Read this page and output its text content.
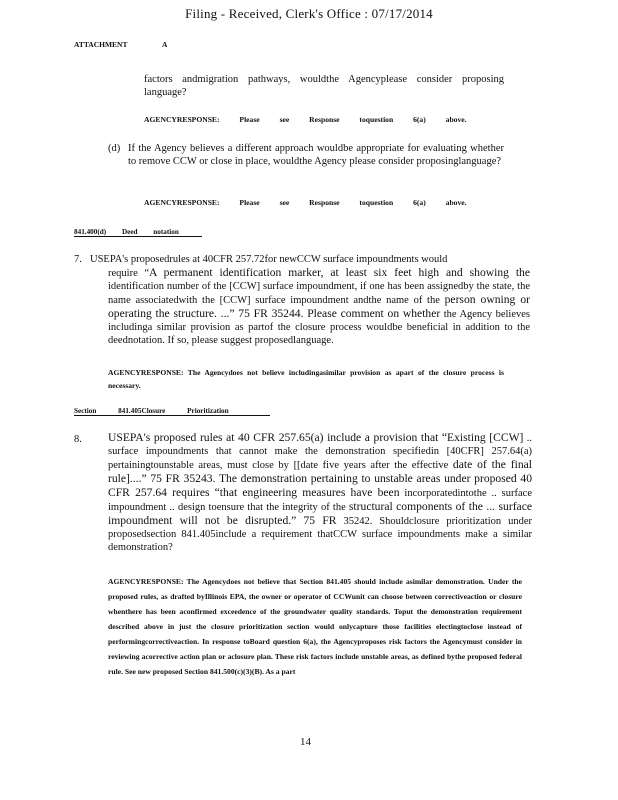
Filing - Received, Clerk's Office : 07/17/2014
ATTACHMENT	A
factors andmigration pathways, wouldthe Agencyplease consider proposing language?
AGENCYRESPONSE: Please see Response toquestion 6(a) above.
(d) If the Agency believes a different approach wouldbe appropriate for evaluating whether to remove CCW or close in place, wouldthe Agency please consider proposinglanguage?
AGENCYRESPONSE: Please see Response toquestion 6(a) above.
841.400(d) Deed notation
7. USEPA's proposedrules at 40CFR 257.72for newCCW surface impoundments would
require “A permanent identification marker, at least six feet high and showing the identification number of the [CCW] surface impoundment, if one has been assignedby the state, the name associatedwith the [CCW] surface impoundment andthe name of the person owning or operating the structure. ...” 75 FR 35244. Please comment on whether the Agency believes includinga similar provision as partof the closure process wouldbe beneficial in addition to the deednotation. If so, please suggest proposedlanguage.
AGENCYRESPONSE: The Agencydoes not believe includingasimilar provision as apart of the closure process is necessary.
Section 841.405Closure Prioritization
8.	USEPA's proposed rules at 40 CFR 257.65(a) include a provision that “Existing [CCW] .. surface impoundments that cannot make the demonstration specifiedin [40CFR] 257.64(a) pertainingtounstable areas, must close by [[date five years after the effective date of the final rule]....” 75 FR 35243. The demonstration pertaining to unstable areas under proposed 40 CFR 257.64 requires “that engineering measures have been incorporatedintothe .. surface impoundment .. design toensure that the integrity of the structural components of the ... surface impoundment will not be disrupted.” 75 FR 35242. Shouldclosure prioritization under proposedsection 841.405include a requirement thatCCW surface impoundments make a similar demonstration?
AGENCYRESPONSE: The Agencydoes not believe that Section 841.405 should include asimilar demonstration. Under the proposed rules, as drafted byIllinois EPA, the owner or operator of CCWunit can choose between correctiveaction or closure whenthere has been aconfirmed exceedence of the groundwater quality standards. Toput the demonstration requirement described above in just the closure prioritization section would onlycapture those facilities electingtoclose instead of performingcorrectiveaction. In response toBoard question 6(a), the Agencyproposes risk factors the Agencymust consider in reviewing acorrective action plan or aclosure plan. These risk factors include unstable areas, as defined bythe proposed federal rule. See new proposed Section 841.500(c)(3)(B). As a part
14
